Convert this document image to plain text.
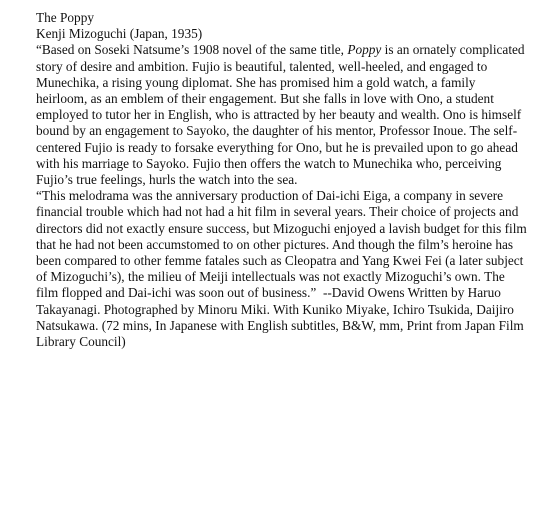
The Poppy
Kenji Mizoguchi (Japan, 1935)
“Based on Soseki Natsume’s 1908 novel of the same title, Poppy is an ornately complicated story of desire and ambition. Fujio is beautiful, talented, well-heeled, and engaged to Munechika, a rising young diplomat. She has promised him a gold watch, a family heirloom, as an emblem of their engagement. But she falls in love with Ono, a student employed to tutor her in English, who is attracted by her beauty and wealth. Ono is himself bound by an engagement to Sayoko, the daughter of his mentor, Professor Inoue. The self-centered Fujio is ready to forsake everything for Ono, but he is prevailed upon to go ahead with his marriage to Sayoko. Fujio then offers the watch to Munechika who, perceiving Fujio’s true feelings, hurls the watch into the sea.
“This melodrama was the anniversary production of Dai-ichi Eiga, a company in severe financial trouble which had not had a hit film in several years. Their choice of projects and directors did not exactly ensure success, but Mizoguchi enjoyed a lavish budget for this film that he had not been accumstomed to on other pictures. And though the film’s heroine has been compared to other femme fatales such as Cleopatra and Yang Kwei Fei (a later subject of Mizoguchi’s), the milieu of Meiji intellectuals was not exactly Mizoguchi’s own. The film flopped and Dai-ichi was soon out of business.”  --David Owens Written by Haruo Takayanagi. Photographed by Minoru Miki. With Kuniko Miyake, Ichiro Tsukida, Daijiro Natsukawa. (72 mins, In Japanese with English subtitles, B&W, mm, Print from Japan Film Library Council)
